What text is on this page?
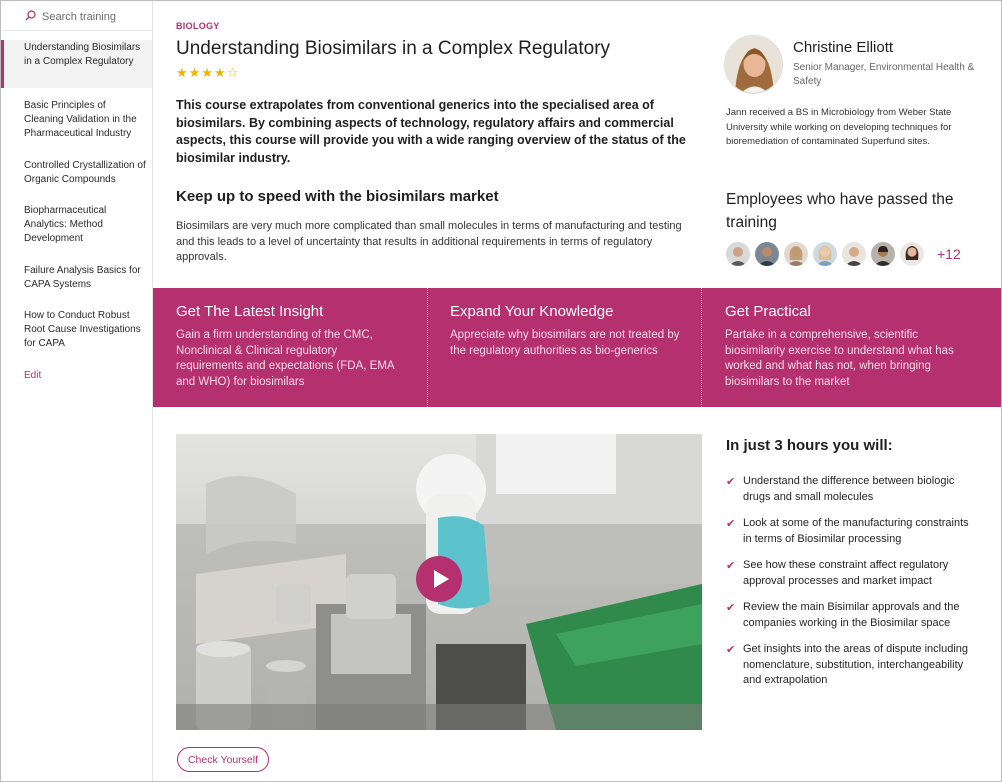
Search training
Understanding Biosimilars in a Complex Regulatory
Basic Principles of Cleaning Validation in the Pharmaceutical Industry
Controlled Crystallization of Organic Compounds
Biopharmaceutical Analytics: Method Development
Failure Analysis Basics for CAPA Systems
How to Conduct Robust Root Cause Investigations for CAPA
Edit
BIOLOGY
Understanding Biosimilars in a Complex Regulatory
★★★★☆

This course extrapolates from conventional generics into the specialised area of biosimilars. By combining aspects of technology, regulatory affairs and commercial aspects, this course will provide you with a wide ranging overview of the status of the biosimilar industry.

Keep up to speed with the biosimilars market

Biosimilars are very much more complicated than small molecules in terms of manufacturing and testing and this leads to a level of uncertainty that results in additional requirements in terms of regulatory approvals.

Christine Elliott
Senior Manager, Environmental Health & Safety

Jann received a BS in Microbiology from Weber State University while working on developing techniques for bioremediation of contaminated Superfund sites.

Employees who have passed the training
+12
Get The Latest Insight

Gain a firm understanding of the CMC, Nonclinical & Clinical regulatory requirements and expectations (FDA, EMA and WHO) for biosimilars

Expand Your Knowledge

Appreciate why biosimilars are not treated by the regulatory authorities as bio-generics

Get Practical

Partake in a comprehensive, scientific biosimilarity exercise to understand what has worked and what has not, when bringing biosimilars to the market

Check Yourself
In just 3 hours you will:
✔ Understand the difference between biologic drugs and small molecules
✔ Look at some of the manufacturing constraints in terms of Biosimilar processing
✔ See how these constraint affect regulatory approval processes and market impact
✔ Review the main Bisimilar approvals and the companies working in the Biosimilar space
✔ Get insights into the areas of dispute including nomenclature, substitution, interchangeability and extrapolation
